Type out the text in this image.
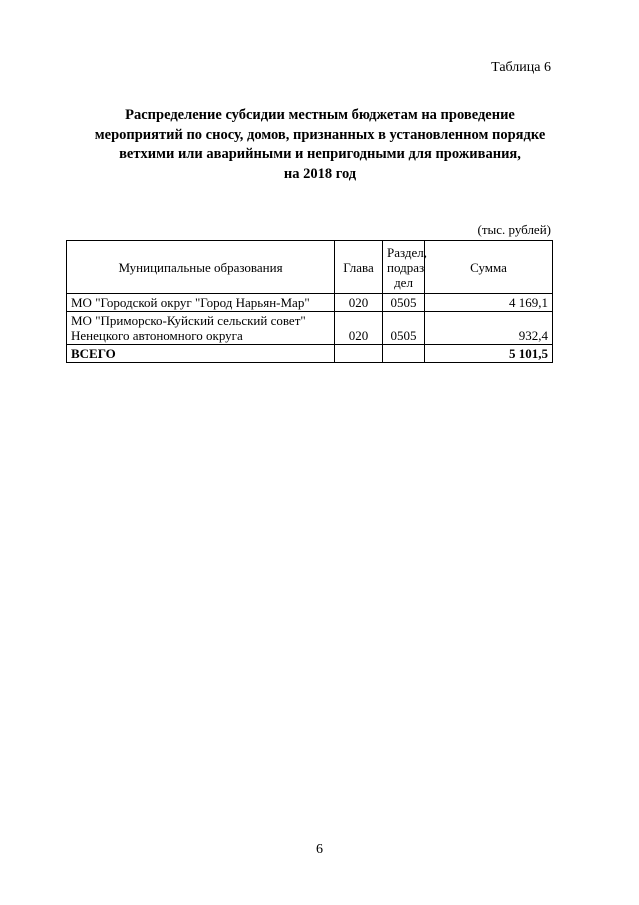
Таблица 6
Распределение субсидии местным бюджетам на проведение
мероприятий по сносу, домов, признанных в установленном порядке
ветхими или аварийными и непригодными для проживания,
на 2018 год
(тыс. рублей)
Муниципальные образования	Глава	Раздел,
подраз
дел	Сумма

МО "Городской округ "Город Нарьян-Мар"	020	0505	4 169,1

МО "Приморско-Куйский сельский совет"
Ненецкого автономного округа	020	0505	932,4
ВСЕГО			5 101,5
6
